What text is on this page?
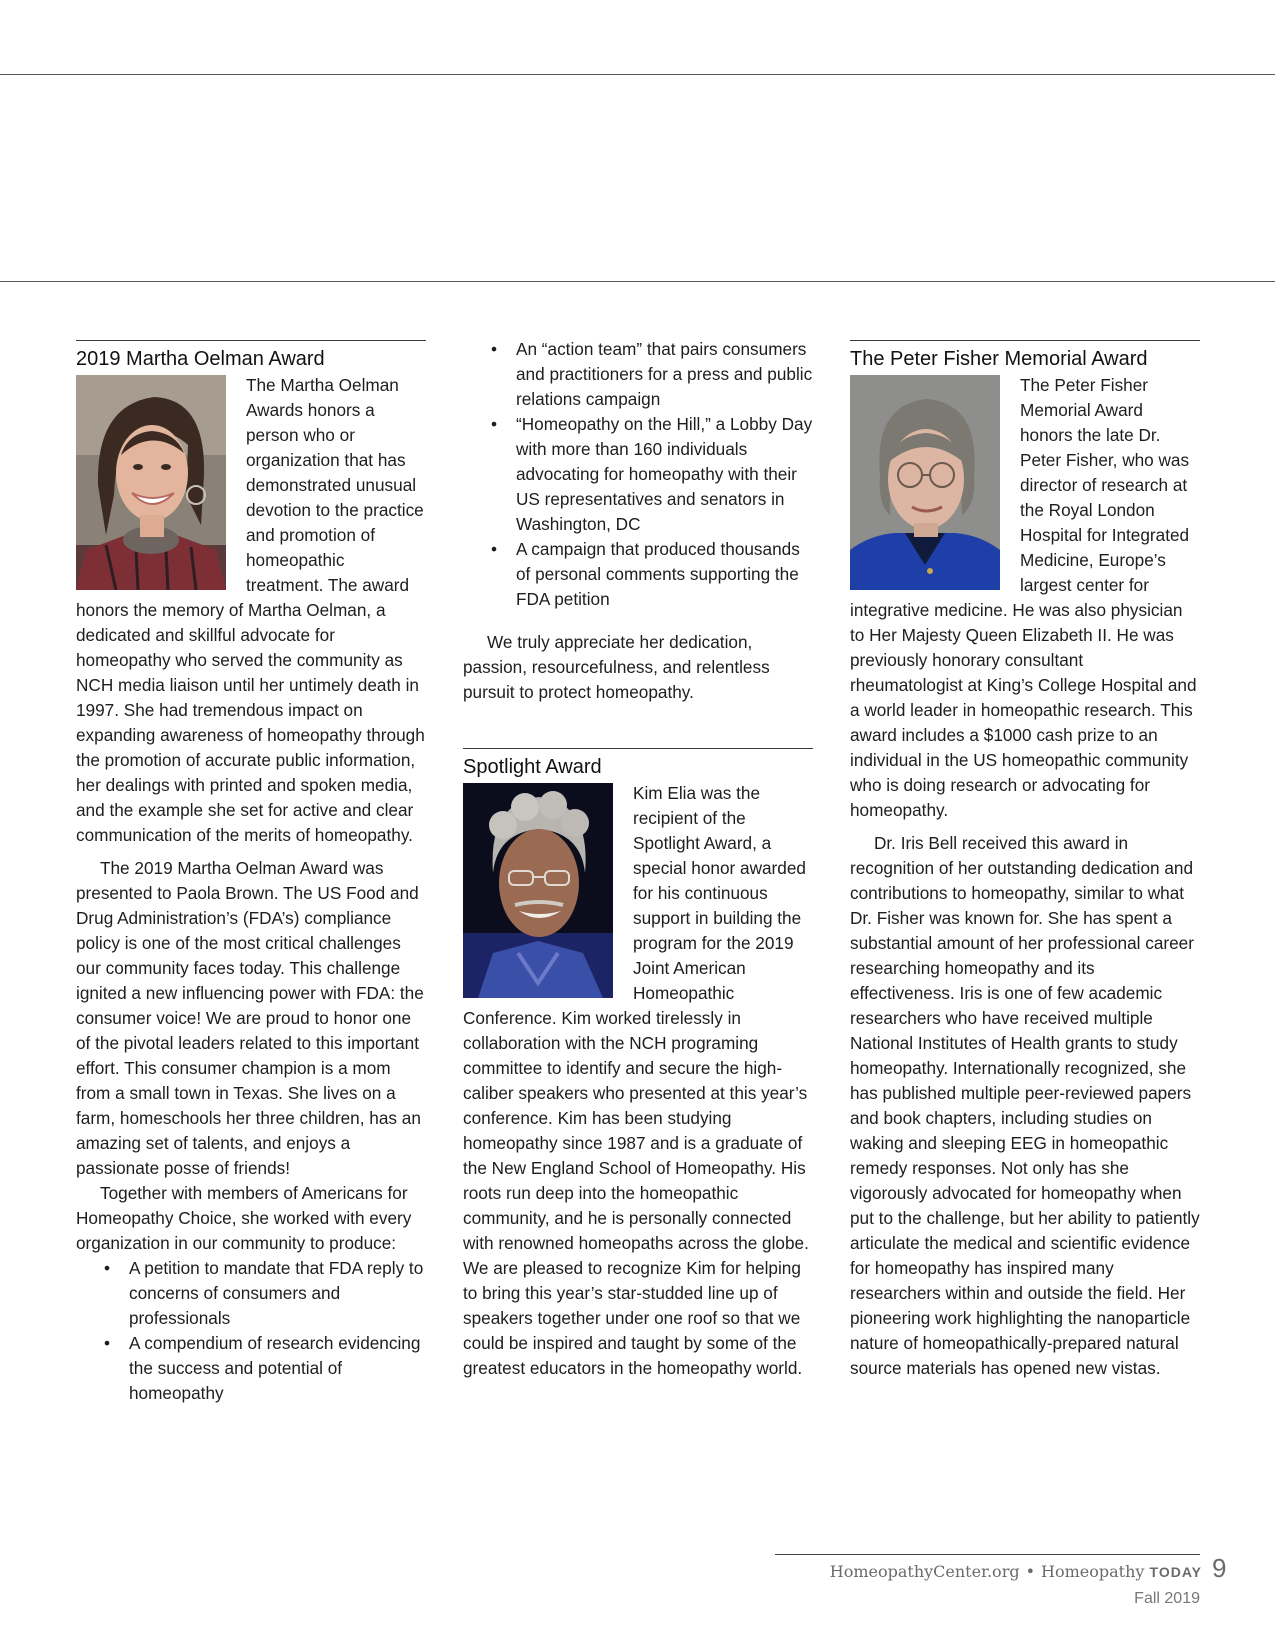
2019 Martha Oelman Award

The Martha Oelman Awards honors a person who or organization that has demonstrated unusual devotion to the practice and promotion of homeopathic treatment. The award honors the memory of Martha Oelman, a dedicated and skillful advocate for homeopathy who served the community as NCH media liaison until her untimely death in 1997. She had tremendous impact on expanding awareness of homeopathy through the promotion of accurate public information, her dealings with printed and spoken media, and the example she set for active and clear communication of the merits of homeopathy.

The 2019 Martha Oelman Award was presented to Paola Brown. The US Food and Drug Administration’s (FDA’s) compliance policy is one of the most critical challenges our community faces today. This challenge ignited a new influencing power with FDA: the consumer voice! We are proud to honor one of the pivotal leaders related to this important effort. This consumer champion is a mom from a small town in Texas. She lives on a farm, homeschools her three children, has an amazing set of talents, and enjoys a passionate posse of friends!

Together with members of Americans for Homeopathy Choice, she worked with every organization in our community to produce:

• A petition to mandate that FDA reply to concerns of consumers and professionals
• A compendium of research evidencing the success and potential of homeopathy
• An “action team” that pairs consumers and practitioners for a press and public relations campaign
• “Homeopathy on the Hill,” a Lobby Day with more than 160 individuals advocating for homeopathy with their US representatives and senators in Washington, DC
• A campaign that produced thousands of personal comments supporting the FDA petition

We truly appreciate her dedication, passion, resourcefulness, and relentless pursuit to protect homeopathy.

Spotlight Award

Kim Elia was the recipient of the Spotlight Award, a special honor awarded for his continuous support in building the program for the 2019 Joint American Homeopathic Conference. Kim worked tirelessly in collaboration with the NCH programing committee to identify and secure the high-caliber speakers who presented at this year’s conference. Kim has been studying homeopathy since 1987 and is a graduate of the New England School of Homeopathy. His roots run deep into the homeopathic community, and he is personally connected with renowned homeopaths across the globe. We are pleased to recognize Kim for helping to bring this year’s star-studded line up of speakers together under one roof so that we could be inspired and taught by some of the greatest educators in the homeopathy world.

The Peter Fisher Memorial Award

The Peter Fisher Memorial Award honors the late Dr. Peter Fisher, who was director of research at the Royal London Hospital for Integrated Medicine, Europe’s largest center for integrative medicine. He was also physician to Her Majesty Queen Elizabeth II. He was previously honorary consultant rheumatologist at King’s College Hospital and a world leader in homeopathic research. This award includes a $1000 cash prize to an individual in the US homeopathic community who is doing research or advocating for homeopathy.

Dr. Iris Bell received this award in recognition of her outstanding dedication and contributions to homeopathy, similar to what Dr. Fisher was known for. She has spent a substantial amount of her professional career researching homeopathy and its effectiveness. Iris is one of few academic researchers who have received multiple National Institutes of Health grants to study homeopathy. Internationally recognized, she has published multiple peer-reviewed papers and book chapters, including studies on waking and sleeping EEG in homeopathic remedy responses. Not only has she vigorously advocated for homeopathy when put to the challenge, but her ability to patiently articulate the medical and scientific evidence for homeopathy has inspired many researchers within and outside the field. Her pioneering work highlighting the nanoparticle nature of homeopathically-prepared natural source materials has opened new vistas.

HomeopathyCenter.org • Homeopathy TODAY
Fall 2019
9
